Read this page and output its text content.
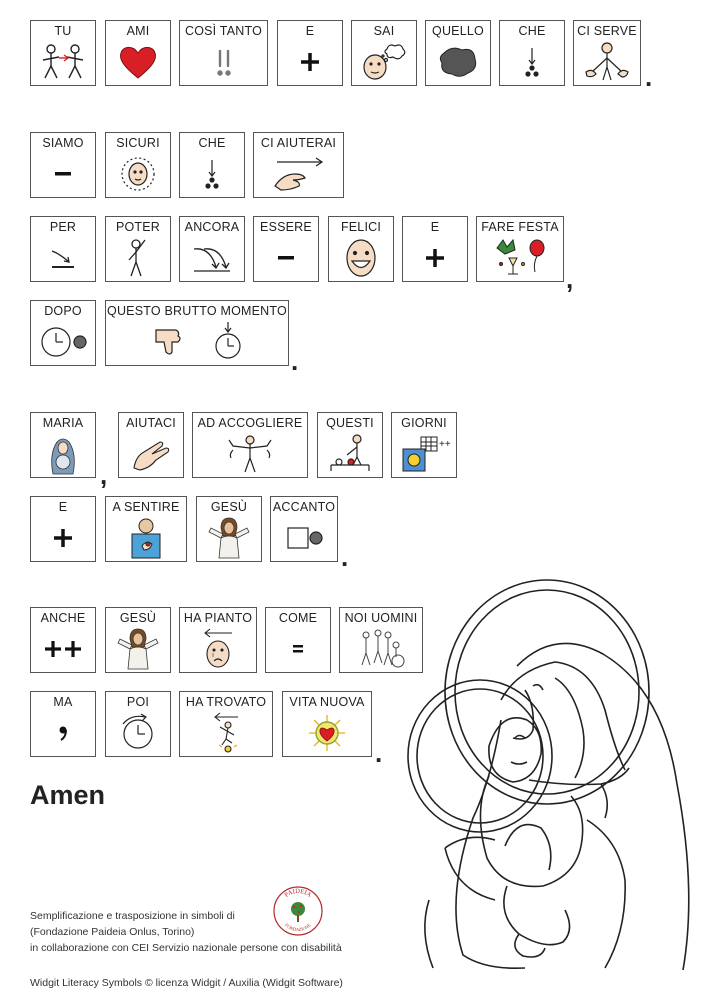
TU	AMI	COSÌ TANTO	E	SAI	QUELLO	CHE	CI SERVE
.
SIAMO	SICURI	CHE	CI AIUTERAI
PER	POTER	ANCORA	ESSERE	FELICI	E	FARE FESTA
,
DOPO	QUESTO BRUTTO MOMENTO
.
MARIA
,
AIUTACI	AD ACCOGLIERE	QUESTI	GIORNI
++
E	A SENTIRE	GESÙ	ACCANTO
.
ANCHE	GESÙ	HA PIANTO	COME	NOI UOMINI
MA	POI	HA TROVATO	VITA NUOVA
.
Amen
PAIDEIA
FONDAZIONE
Semplificazione e trasposizione in simboli di
(Fondazione Paideia Onlus, Torino)
in collaborazione con CEI Servizio nazionale persone con disabilità
Widgit Literacy Symbols © licenza Widgit / Auxilia (Widgit Software)
